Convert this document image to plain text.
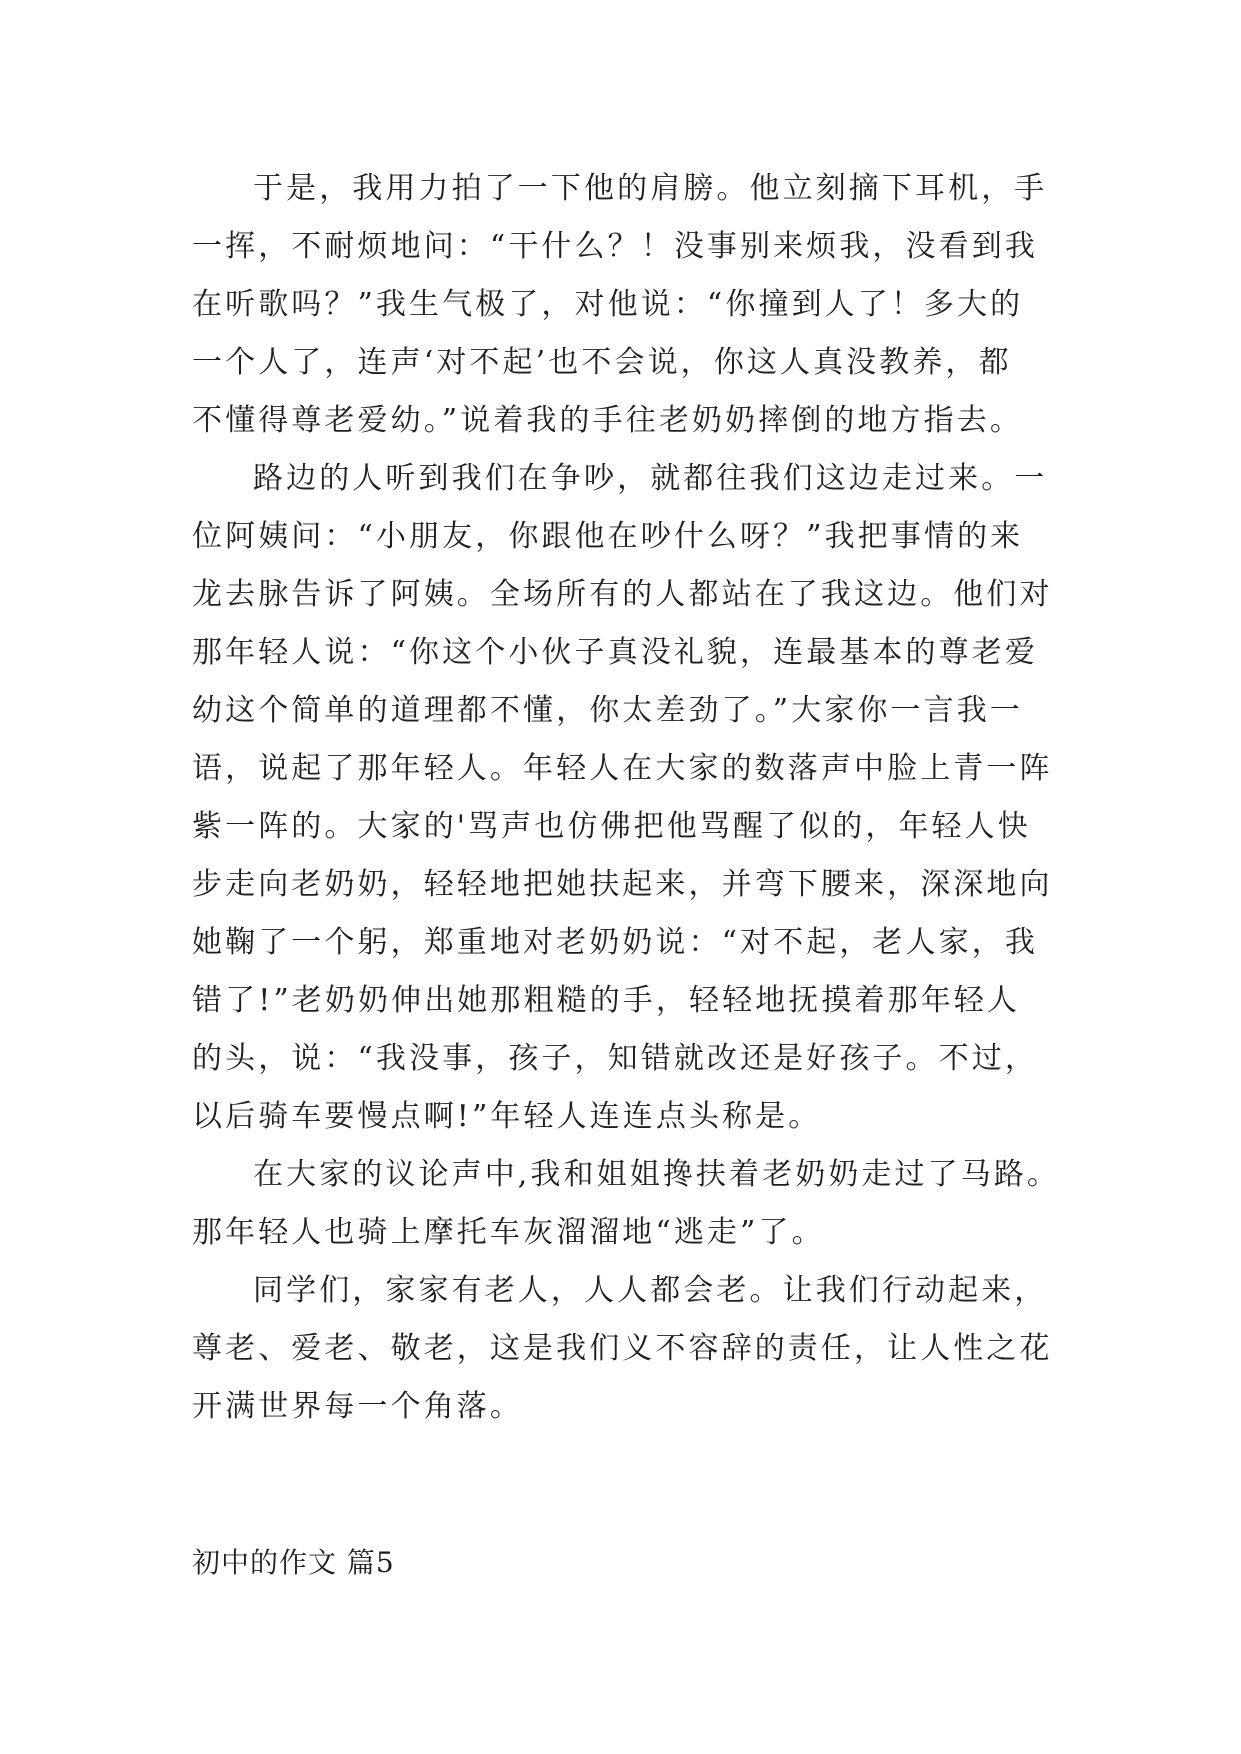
于是，我用力拍了一下他的肩膀。他立刻摘下耳机，手
一挥，不耐烦地问：“干什么？！没事别来烦我，没看到我
在听歌吗？”我生气极了，对他说：“你撞到人了！多大的
一个人了，连声‘对不起’也不会说，你这人真没教养，都
不懂得尊老爱幼。”说着我的手往老奶奶摔倒的地方指去。
路边的人听到我们在争吵，就都往我们这边走过来。一
位阿姨问：“小朋友，你跟他在吵什么呀？”我把事情的来
龙去脉告诉了阿姨。全场所有的人都站在了我这边。他们对
那年轻人说：“你这个小伙子真没礼貌，连最基本的尊老爱
幼这个简单的道理都不懂，你太差劲了。”大家你一言我一
语，说起了那年轻人。年轻人在大家的数落声中脸上青一阵
紫一阵的。大家的'骂声也仿佛把他骂醒了似的，年轻人快
步走向老奶奶，轻轻地把她扶起来，并弯下腰来，深深地向
她鞠了一个躬，郑重地对老奶奶说：“对不起，老人家，我
错了!”老奶奶伸出她那粗糙的手，轻轻地抚摸着那年轻人
的头，说：“我没事，孩子，知错就改还是好孩子。不过，
以后骑车要慢点啊!”年轻人连连点头称是。
在大家的议论声中,我和姐姐搀扶着老奶奶走过了马路。
那年轻人也骑上摩托车灰溜溜地“逃走”了。
同学们，家家有老人，人人都会老。让我们行动起来，
尊老、爱老、敬老，这是我们义不容辞的责任，让人性之花
开满世界每一个角落。
初中的作文 篇5
